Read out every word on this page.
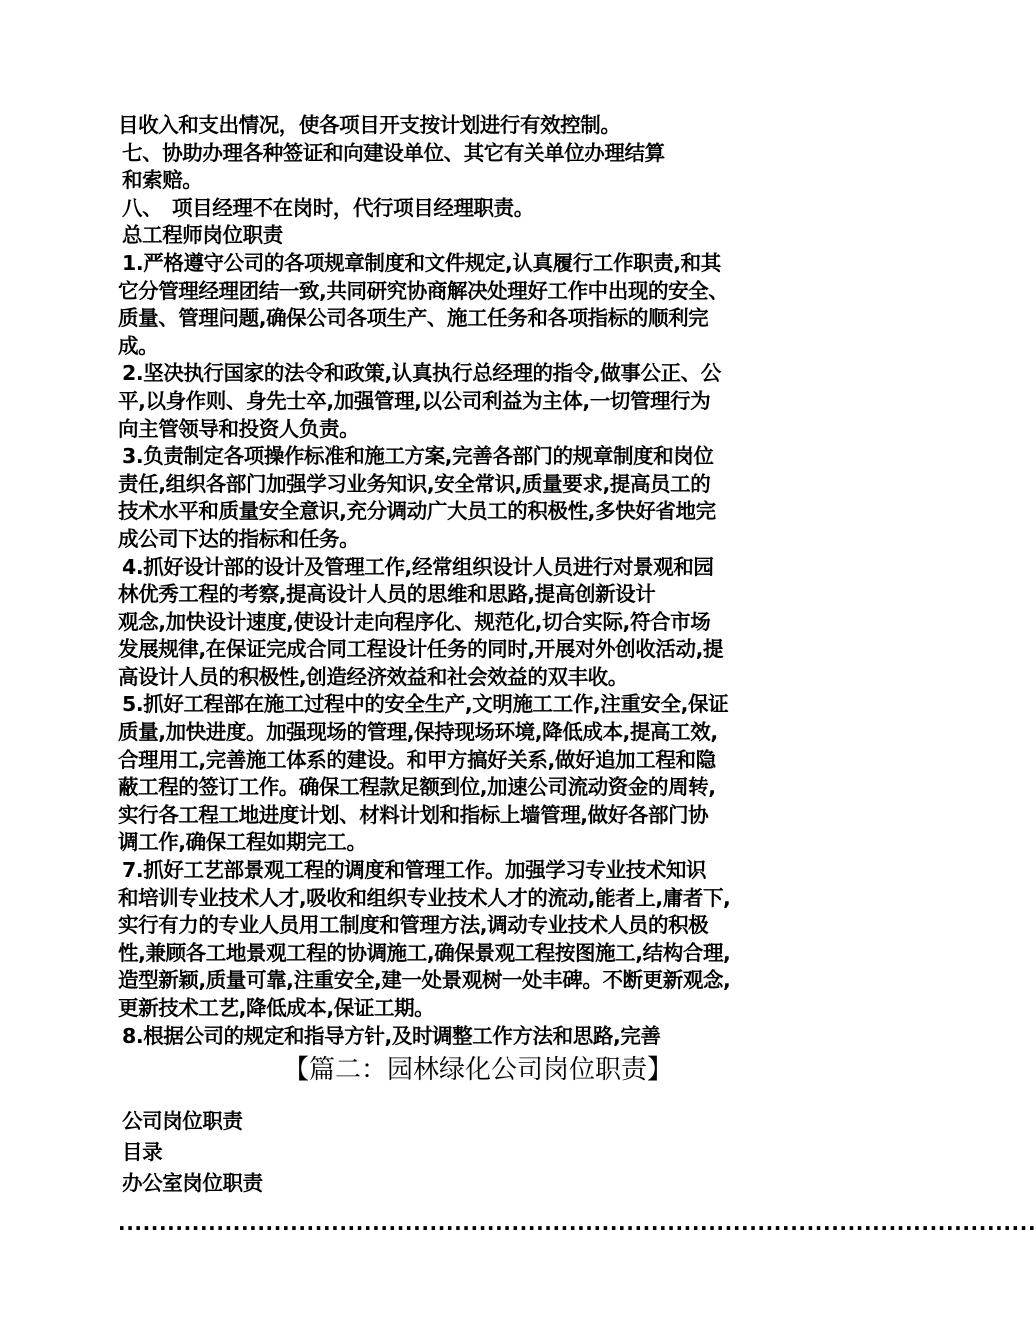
目收入和支出情况，使各项目开支按计划进行有效控制。
七、协助办理各种签证和向建设单位、其它有关单位办理结算
和索赔。
八、　项目经理不在岗时，代行项目经理职责。
总工程师岗位职责
1.严格遵守公司的各项规章制度和文件规定,认真履行工作职责,和其
它分管理经理团结一致,共同研究协商解决处理好工作中出现的安全、
质量、管理问题,确保公司各项生产、施工任务和各项指标的顺利完
成。
2.坚决执行国家的法令和政策,认真执行总经理的指令,做事公正、公
平,以身作则、身先士卒,加强管理,以公司利益为主体,一切管理行为
向主管领导和投资人负责。
3.负责制定各项操作标准和施工方案,完善各部门的规章制度和岗位
责任,组织各部门加强学习业务知识,安全常识,质量要求,提高员工的
技术水平和质量安全意识,充分调动广大员工的积极性,多快好省地完
成公司下达的指标和任务。
4.抓好设计部的设计及管理工作,经常组织设计人员进行对景观和园
林优秀工程的考察,提高设计人员的思维和思路,提高创新设计
观念,加快设计速度,使设计走向程序化、规范化,切合实际,符合市场
发展规律,在保证完成合同工程设计任务的同时,开展对外创收活动,提
高设计人员的积极性,创造经济效益和社会效益的双丰收。
5.抓好工程部在施工过程中的安全生产,文明施工工作,注重安全,保证
质量,加快进度。加强现场的管理,保持现场环境,降低成本,提高工效,
合理用工,完善施工体系的建设。和甲方搞好关系,做好追加工程和隐
蔽工程的签订工作。确保工程款足额到位,加速公司流动资金的周转,
实行各工程工地进度计划、材料计划和指标上墙管理,做好各部门协
调工作,确保工程如期完工。
7.抓好工艺部景观工程的调度和管理工作。加强学习专业技术知识
和培训专业技术人才,吸收和组织专业技术人才的流动,能者上,庸者下,
实行有力的专业人员用工制度和管理方法,调动专业技术人员的积极
性,兼顾各工地景观工程的协调施工,确保景观工程按图施工,结构合理,
造型新颖,质量可靠,注重安全,建一处景观树一处丰碑。不断更新观念,
更新技术工艺,降低成本,保证工期。
8.根据公司的规定和指导方针,及时调整工作方法和思路,完善
【篇二：园林绿化公司岗位职责】
公司岗位职责
目录
办公室岗位职责
................................................................................................................
